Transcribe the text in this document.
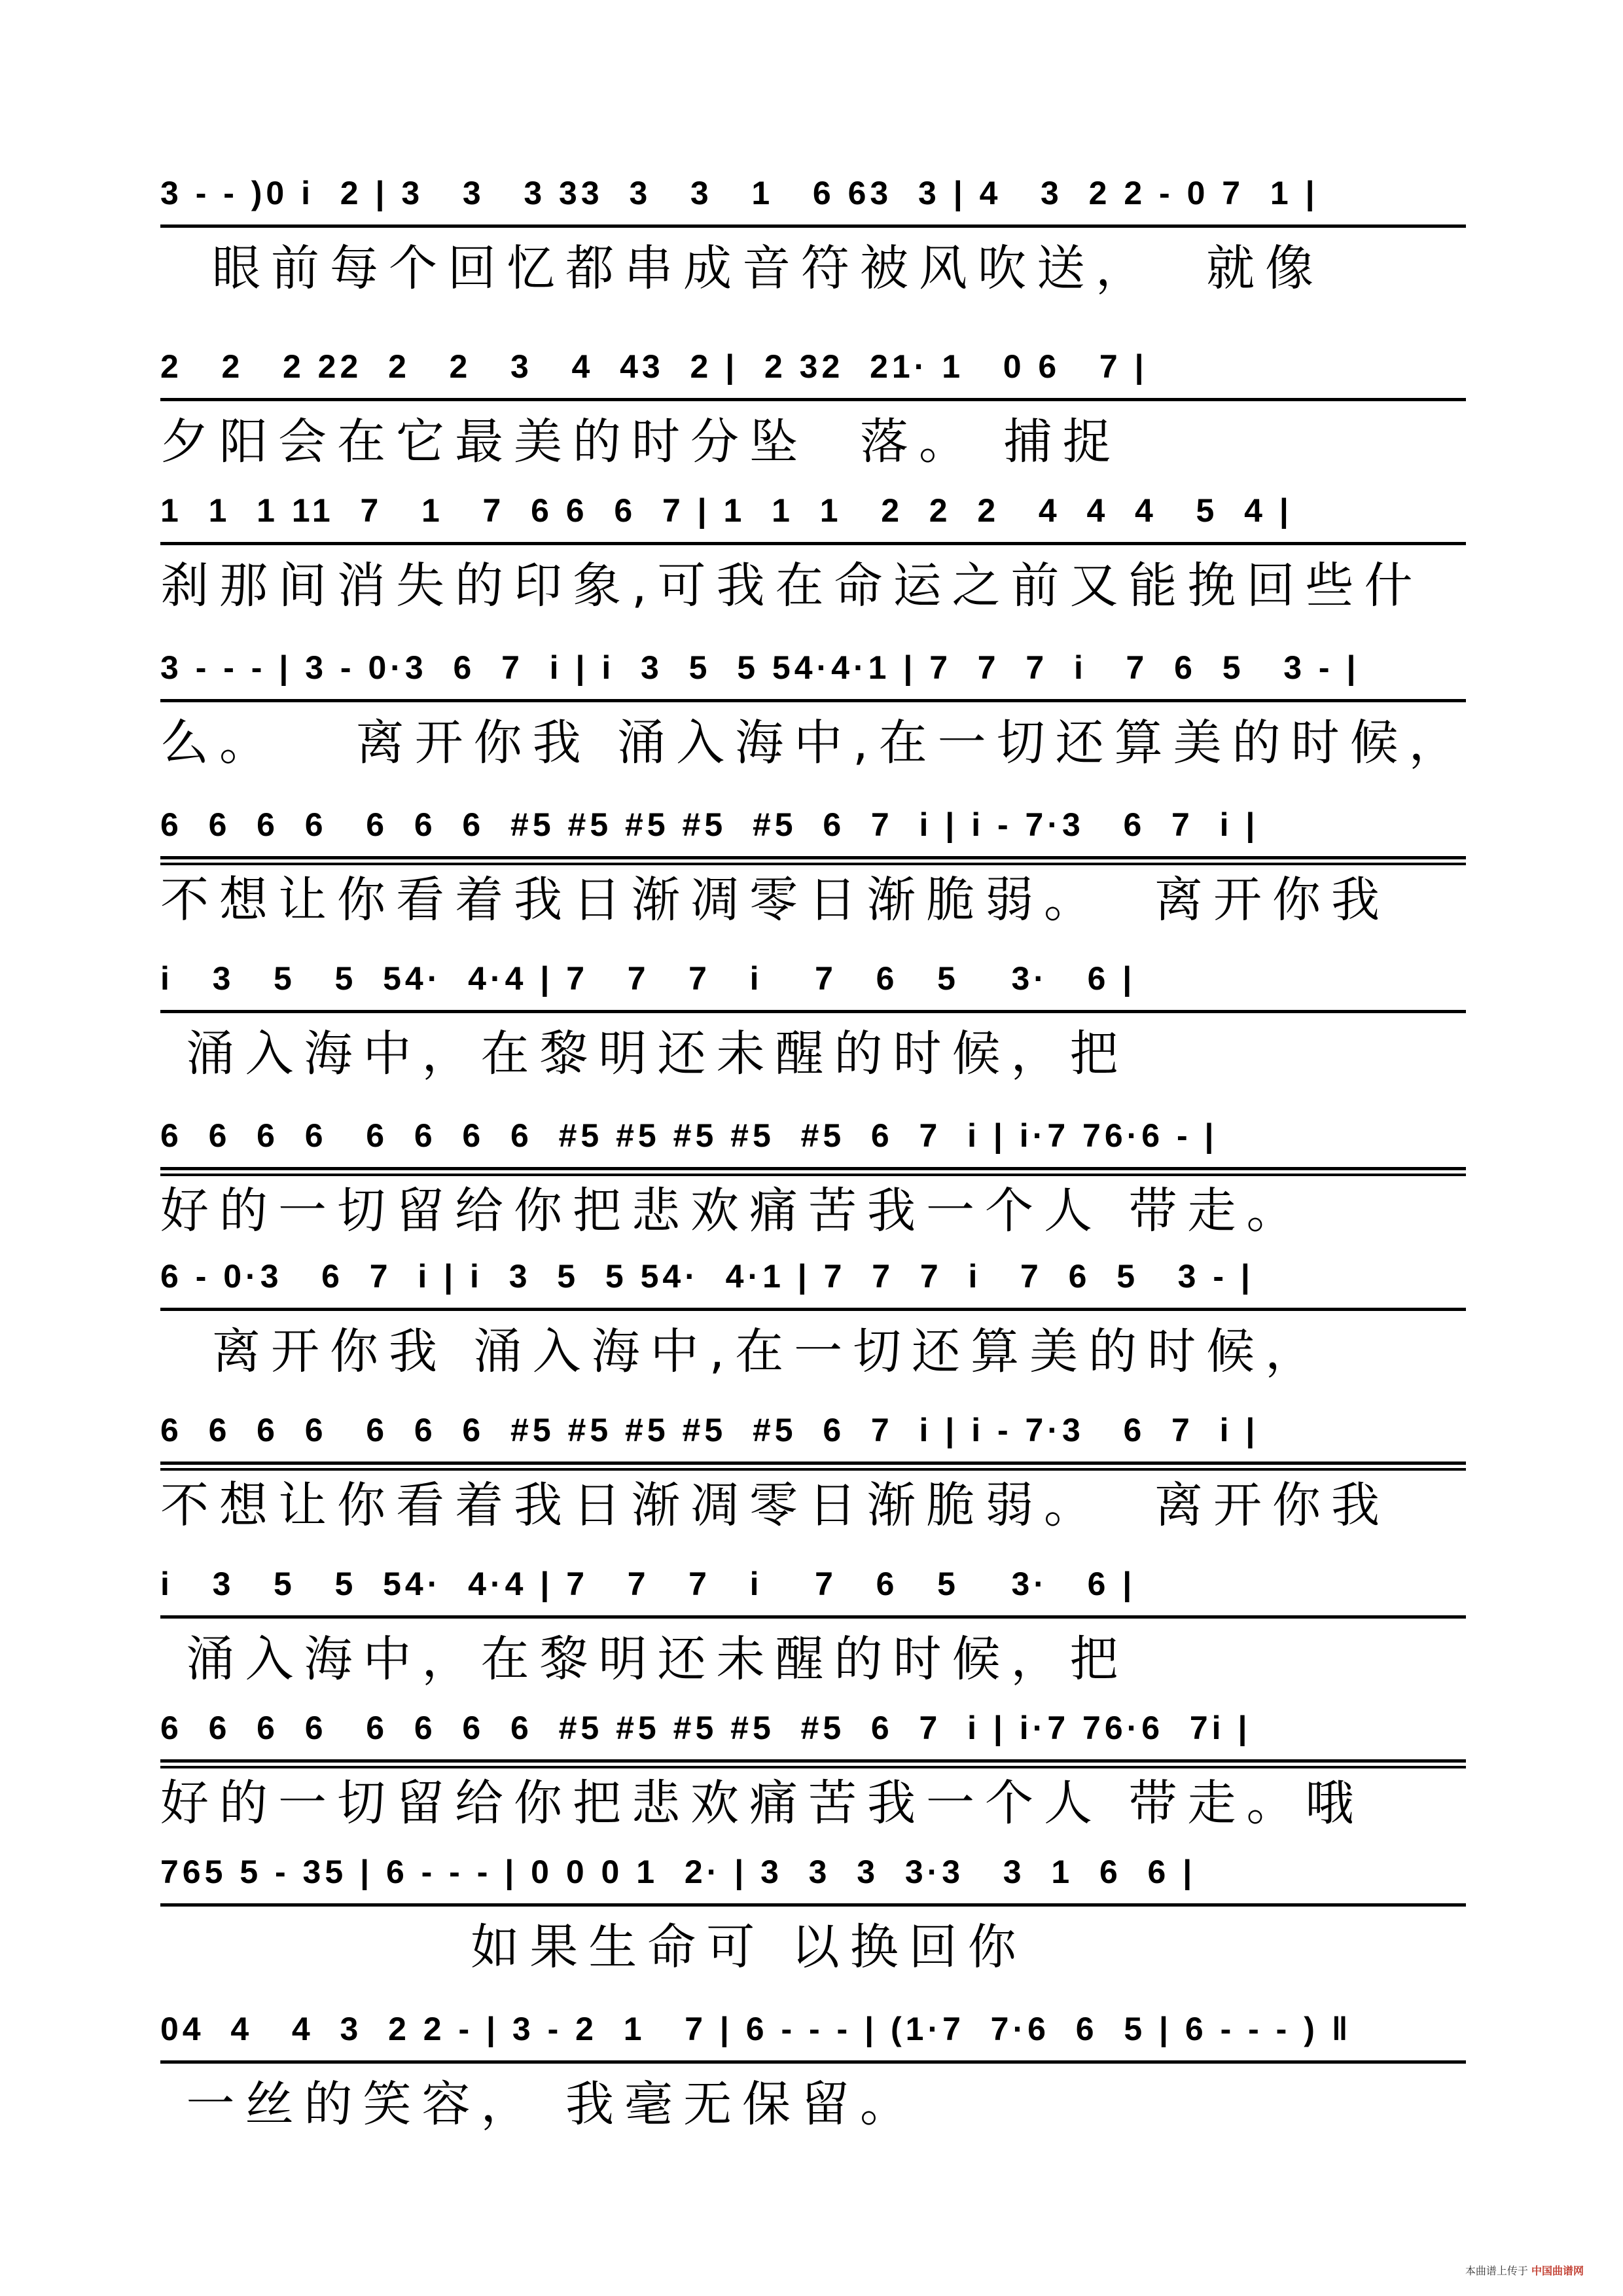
3 - - )0 i  2 | 3   3   3 33  3   3   1   6 63  3 | 4   3  2 2 - 0 7  1 |
眼前每个回忆都串成音符被风吹送，  就像
2   2   2 22  2   2   3   4  43  2 |  2 32  21· 1   0 6   7 |
夕阳会在它最美的时分坠  落。 捕捉
1  1  1 11  7   1   7  6 6  6  7 | 1  1  1   2  2  2   4  4  4   5  4 |
刹那间消失的印象,可我在命运之前又能挽回些什
3 - - - | 3 - 0·3  6  7  i | i  3  5  5 54·4·1 | 7  7  7  i   7  6  5   3 - |
么。   离开你我 涌入海中,在一切还算美的时候，
6  6  6  6   6  6  6  #5 #5 #5 #5  #5  6  7  i | i - 7·3   6  7  i |
不想让你看着我日渐凋零日渐脆弱。  离开你我
i   3   5   5  54·  4·4 | 7   7   7   i    7   6   5    3·   6 |
涌入海中，在黎明还未醒的时候，把
6  6  6  6   6  6  6  6  #5 #5 #5 #5  #5  6  7  i | i·7 76·6 - |
好的一切留给你把悲欢痛苦我一个人 带走。
6 - 0·3   6  7  i | i  3  5  5 54·  4·1 | 7  7  7  i   7  6  5   3 - |
离开你我 涌入海中,在一切还算美的时候，
6  6  6  6   6  6  6  #5 #5 #5 #5  #5  6  7  i | i - 7·3   6  7  i |
不想让你看着我日渐凋零日渐脆弱。  离开你我
i   3   5   5  54·  4·4 | 7   7   7   i    7   6   5    3·   6 |
涌入海中，在黎明还未醒的时候，把
6  6  6  6   6  6  6  6  #5 #5 #5 #5  #5  6  7  i | i·7 76·6  7i |
好的一切留给你把悲欢痛苦我一个人 带走。哦
765 5 - 35 | 6 - - - | 0 0 0 1  2· | 3  3  3  3·3   3  1  6  6 |
如果生命可 以换回你
04  4   4  3  2 2 - | 3 - 2  1   7 | 6 - - - | (1·7  7·6  6  5 | 6 - - - ) ‖
一丝的笑容， 我毫无保留。
本曲谱上传于 中国曲谱网
